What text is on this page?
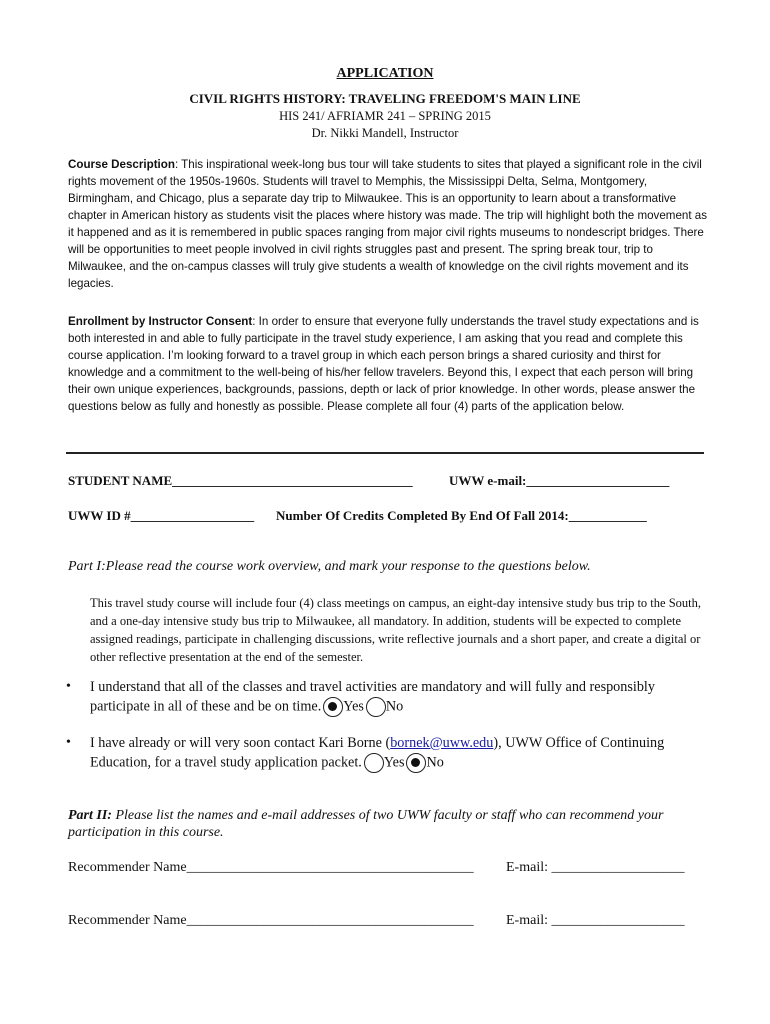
APPLICATION
CIVIL RIGHTS HISTORY: TRAVELING FREEDOM'S MAIN LINE
HIS 241/ AFRIAMR 241 – SPRING 2015
Dr. Nikki Mandell, Instructor
Course Description: This inspirational week-long bus tour will take students to sites that played a significant role in the civil rights movement of the 1950s-1960s. Students will travel to Memphis, the Mississippi Delta, Selma, Montgomery, Birmingham, and Chicago, plus a separate day trip to Milwaukee. This is an opportunity to learn about a transformative chapter in American history as students visit the places where history was made. The trip will highlight both the movement as it happened and as it is remembered in public spaces ranging from major civil rights museums to nondescript bridges. There will be opportunities to meet people involved in civil rights struggles past and present. The spring break tour, trip to Milwaukee, and the on-campus classes will truly give students a wealth of knowledge on the civil rights movement and its legacies.
Enrollment by Instructor Consent: In order to ensure that everyone fully understands the travel study expectations and is both interested in and able to fully participate in the travel study experience, I am asking that you read and complete this course application. I’m looking forward to a travel group in which each person brings a shared curiosity and thirst for knowledge and a commitment to the well-being of his/her fellow travelers. Beyond this, I expect that each person will bring their own unique experiences, backgrounds, passions, depth or lack of prior knowledge. In other words, please answer the questions below as fully and honestly as possible. Please complete all four (4) parts of the application below.
STUDENT NAME_____________________________________	UWW e-mail:______________________
UWW ID #___________________ Number Of Credits Completed By End Of Fall 2014:____________
Part I:Please read the course work overview, and mark your response to the questions below.
This travel study course will include four (4) class meetings on campus, an eight-day intensive study bus trip to the South, and a one-day intensive study bus trip to Milwaukee, all mandatory. In addition, students will be expected to complete assigned readings, participate in challenging discussions, write reflective journals and a short paper, and create a digital or other reflective presentation at the end of the semester.
• I understand that all of the classes and travel activities are mandatory and will fully and responsibly participate in all of these and be on time. Yes No
• I have already or will very soon contact Kari Borne (bornek@uww.edu), UWW Office of Continuing Education, for a travel study application packet. Yes No
Part II: Please list the names and e-mail addresses of two UWW faculty or staff who can recommend your participation in this course.
Recommender Name_________________________________________ E-mail: ___________________
Recommender Name_________________________________________ E-mail: ___________________
